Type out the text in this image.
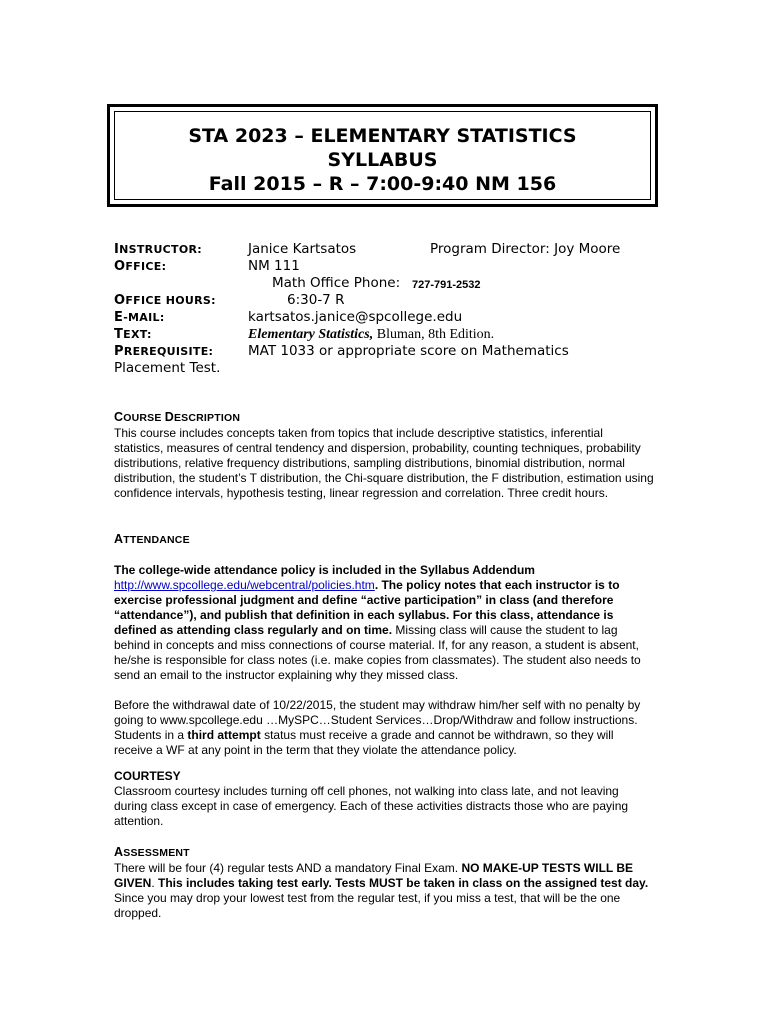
STA 2023 – ELEMENTARY STATISTICS
SYLLABUS
Fall 2015 – R – 7:00-9:40 NM 156
INSTRUCTOR:	Janice Kartsatos	Program Director: Joy Moore
OFFICE:	NM 111
Math Office Phone: 727-791-2532
OFFICE HOURS:	6:30-7 R
E-MAIL:	kartsatos.janice@spcollege.edu
TEXT:	Elementary Statistics, Bluman, 8th Edition.
PREREQUISITE:	MAT 1033 or appropriate score on Mathematics
Placement Test.
COURSE DESCRIPTION

This course includes concepts taken from topics that include descriptive statistics, inferential statistics, measures of central tendency and dispersion, probability, counting techniques, probability distributions, relative frequency distributions, sampling distributions, binomial distribution, normal distribution, the student’s T distribution, the Chi-square distribution, the F distribution, estimation using confidence intervals, hypothesis testing, linear regression and correlation. Three credit hours.

ATTENDANCE

The college-wide attendance policy is included in the Syllabus Addendum http://www.spcollege.edu/webcentral/policies.htm. The policy notes that each instructor is to exercise professional judgment and define “active participation” in class (and therefore “attendance”), and publish that definition in each syllabus. For this class, attendance is defined as attending class regularly and on time. Missing class will cause the student to lag behind in concepts and miss connections of course material. If, for any reason, a student is absent, he/she is responsible for class notes (i.e. make copies from classmates). The student also needs to send an email to the instructor explaining why they missed class.

Before the withdrawal date of 10/22/2015, the student may withdraw him/her self with no penalty by going to www.spcollege.edu …MySPC…Student Services…Drop/Withdraw and follow instructions. Students in a third attempt status must receive a grade and cannot be withdrawn, so they will receive a WF at any point in the term that they violate the attendance policy.

COURTESY

Classroom courtesy includes turning off cell phones, not walking into class late, and not leaving during class except in case of emergency. Each of these activities distracts those who are paying attention.

ASSESSMENT

There will be four (4) regular tests AND a mandatory Final Exam. NO MAKE-UP TESTS WILL BE GIVEN. This includes taking test early. Tests MUST be taken in class on the assigned test day. Since you may drop your lowest test from the regular test, if you miss a test, that will be the one dropped.
